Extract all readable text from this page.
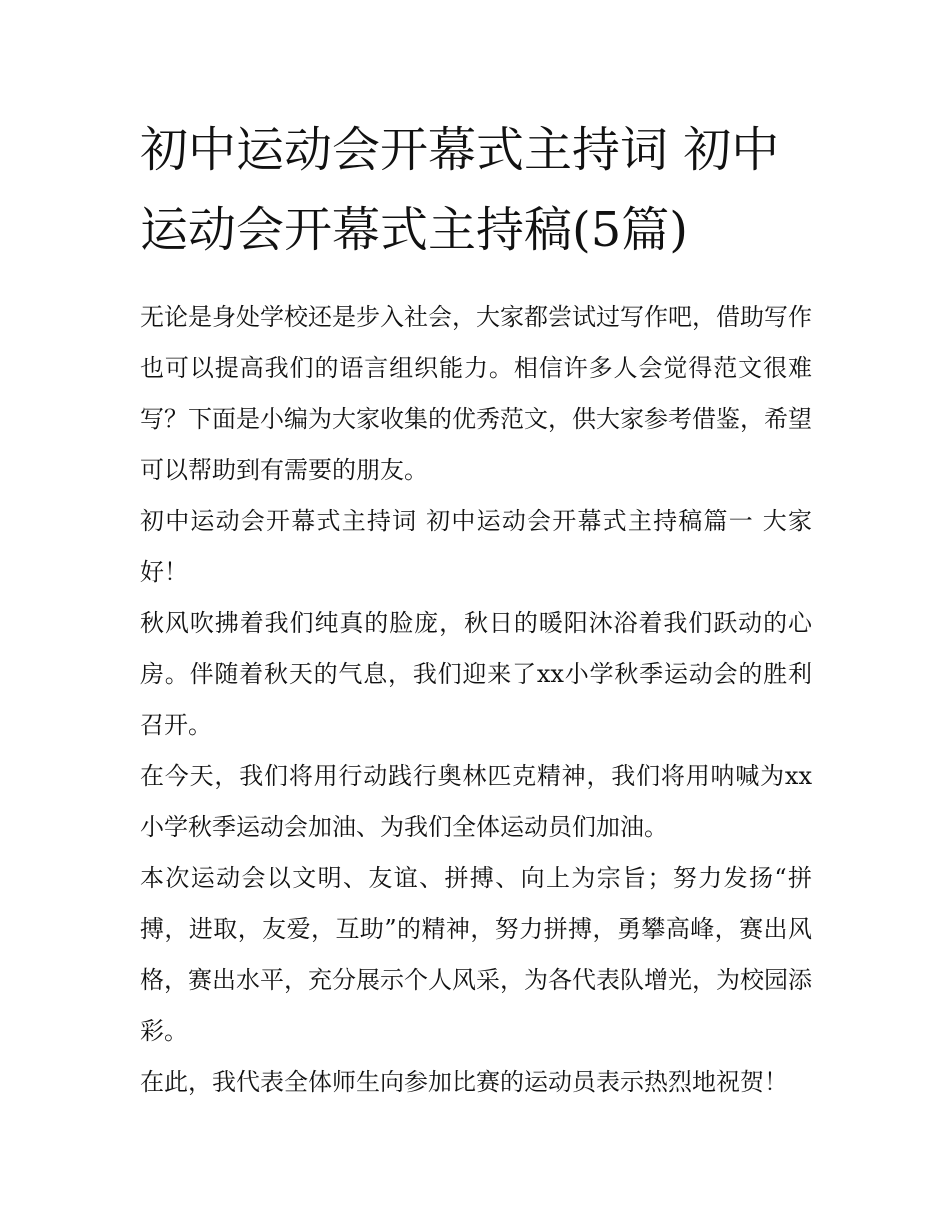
初中运动会开幕式主持词 初中运动会开幕式主持稿(5篇)

无论是身处学校还是步入社会，大家都尝试过写作吧，借助写作也可以提高我们的语言组织能力。相信许多人会觉得范文很难写？下面是小编为大家收集的优秀范文，供大家参考借鉴，希望可以帮助到有需要的朋友。

初中运动会开幕式主持词 初中运动会开幕式主持稿篇一 大家好！

秋风吹拂着我们纯真的脸庞，秋日的暖阳沐浴着我们跃动的心房。伴随着秋天的气息，我们迎来了xx小学秋季运动会的胜利召开。

在今天，我们将用行动践行奥林匹克精神，我们将用呐喊为xx小学秋季运动会加油、为我们全体运动员们加油。

本次运动会以文明、友谊、拼搏、向上为宗旨；努力发扬“拼搏，进取，友爱，互助”的精神，努力拼搏，勇攀高峰，赛出风格，赛出水平，充分展示个人风采，为各代表队增光，为校园添彩。

在此，我代表全体师生向参加比赛的运动员表示热烈地祝贺！
